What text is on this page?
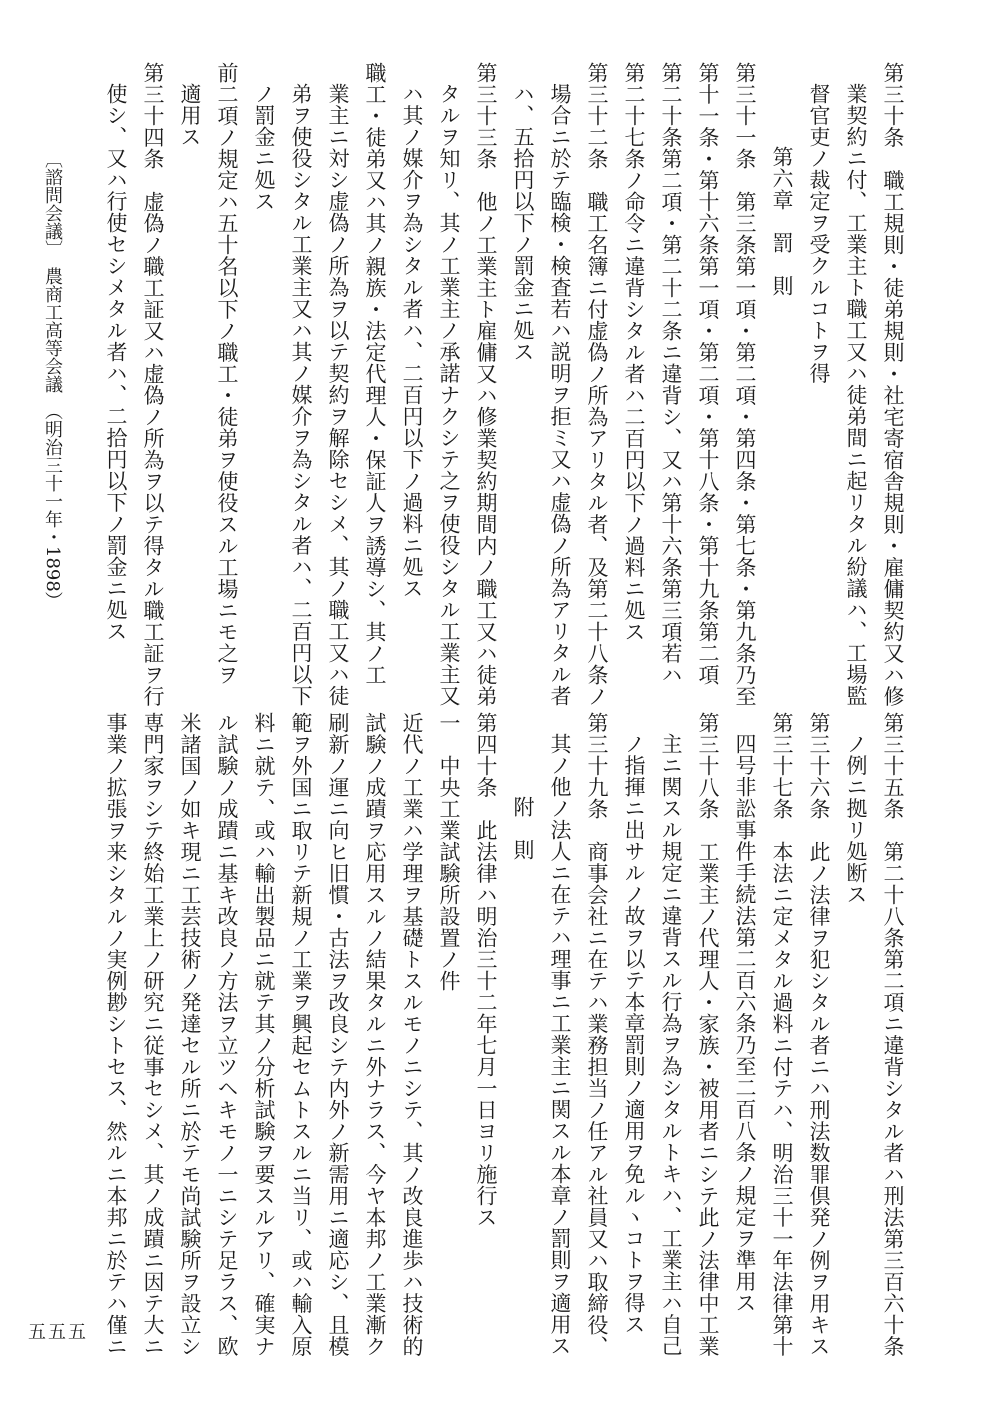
第三十条　職工規則・徒弟規則・社宅寄宿舎規則・雇傭契約又ハ修
業契約ニ付、工業主ト職工又ハ徒弟間ニ起リタル紛議ハ、工場監
督官吏ノ裁定ヲ受クルコトヲ得
第六章　罰　則
第三十一条　第三条第一項・第二項・第四条・第七条・第九条乃至
第十一条・第十六条第一項・第二項・第十八条・第十九条第二項
第二十条第二項・第二十二条ニ違背シ、又ハ第十六条第三項若ハ
第二十七条ノ命令ニ違背シタル者ハ二百円以下ノ過料ニ処ス
第三十二条　職工名簿ニ付虚偽ノ所為アリタル者、及第二十八条ノ
場合ニ於テ臨検・検査若ハ説明ヲ拒ミ又ハ虚偽ノ所為アリタル者
ハ、五拾円以下ノ罰金ニ処ス
第三十三条　他ノ工業主ト雇傭又ハ修業契約期間内ノ職工又ハ徒弟
タルヲ知リ、其ノ工業主ノ承諾ナクシテ之ヲ使役シタル工業主又
ハ其ノ媒介ヲ為シタル者ハ、二百円以下ノ過料ニ処ス
職工・徒弟又ハ其ノ親族・法定代理人・保証人ヲ誘導シ、其ノ工
業主ニ対シ虚偽ノ所為ヲ以テ契約ヲ解除セシメ、其ノ職工又ハ徒
弟ヲ使役シタル工業主又ハ其ノ媒介ヲ為シタル者ハ、二百円以下
ノ罰金ニ処ス
前二項ノ規定ハ五十名以下ノ職工・徒弟ヲ使役スル工場ニモ之ヲ
適用ス
第三十四条　虚偽ノ職工証又ハ虚偽ノ所為ヲ以テ得タル職工証ヲ行
使シ、又ハ行使セシメタル者ハ、二拾円以下ノ罰金ニ処ス
第三十五条　第二十八条第二項ニ違背シタル者ハ刑法第三百六十条
ノ例ニ拠リ処断ス
第三十六条　此ノ法律ヲ犯シタル者ニハ刑法数罪倶発ノ例ヲ用キス
第三十七条　本法ニ定メタル過料ニ付テハ、明治三十一年法律第十
四号非訟事件手続法第二百六条乃至二百八条ノ規定ヲ準用ス
第三十八条　工業主ノ代理人・家族・被用者ニシテ此ノ法律中工業
主ニ関スル規定ニ違背スル行為ヲ為シタルトキハ、工業主ハ自己
ノ指揮ニ出サルノ故ヲ以テ本章罰則ノ適用ヲ免ルヽコトヲ得ス
第三十九条　商事会社ニ在テハ業務担当ノ任アル社員又ハ取締役、
其ノ他ノ法人ニ在テハ理事ニ工業主ニ関スル本章ノ罰則ヲ適用ス
附　則
第四十条　此法律ハ明治三十二年七月一日ヨリ施行ス
一　中央工業試験所設置ノ件
近代ノ工業ハ学理ヲ基礎トスルモノニシテ、其ノ改良進歩ハ技術的
試験ノ成蹟ヲ応用スルノ結果タルニ外ナラス、今ヤ本邦ノ工業漸ク
刷新ノ運ニ向ヒ旧慣・古法ヲ改良シテ内外ノ新需用ニ適応シ、且模
範ヲ外国ニ取リテ新規ノ工業ヲ興起セムトスルニ当リ、或ハ輸入原
料ニ就テ、或ハ輸出製品ニ就テ其ノ分析試験ヲ要スルアリ、確実ナ
ル試験ノ成蹟ニ基キ改良ノ方法ヲ立ツヘキモノ一ニシテ足ラス、欧
米諸国ノ如キ現ニ工芸技術ノ発達セル所ニ於テモ尚試験所ヲ設立シ
専門家ヲシテ終始工業上ノ研究ニ従事セシメ、其ノ成蹟ニ因テ大ニ
事業ノ拡張ヲ来シタルノ実例尠シトセス、然ルニ本邦ニ於テハ僅ニ
〔諮問会議〕　農商工高等会議　（明治三十一年・1898）
五五五
